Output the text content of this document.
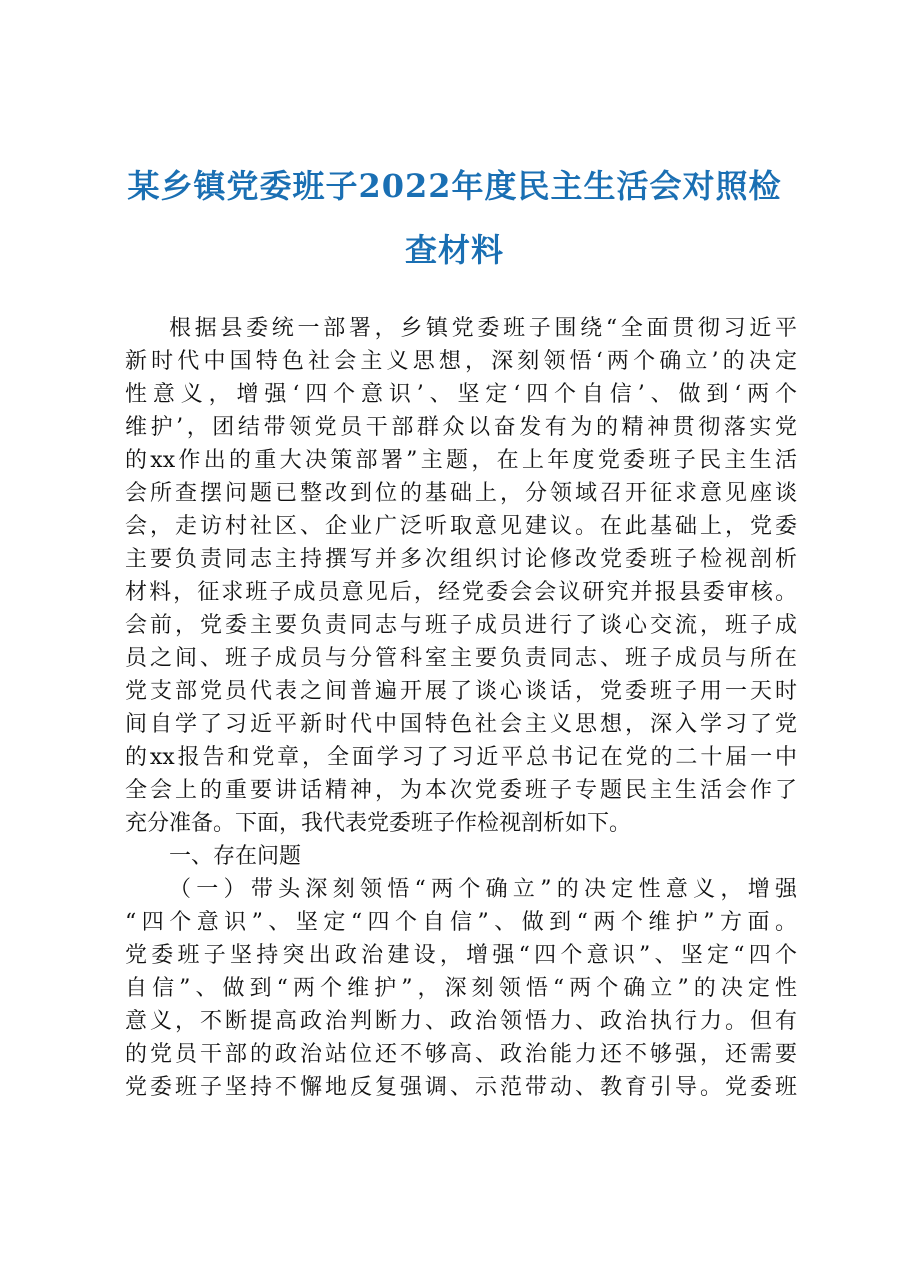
某乡镇党委班子2022年度民主生活会对照检
查材料
根据县委统一部署，乡镇党委班子围绕“全面贯彻习近平
新时代中国特色社会主义思想，深刻领悟‘两个确立’的决定
性意义，增强‘四个意识’、坚定‘四个自信’、做到‘两个
维护’，团结带领党员干部群众以奋发有为的精神贯彻落实党
的xx作出的重大决策部署”主题，在上年度党委班子民主生活
会所查摆问题已整改到位的基础上，分领域召开征求意见座谈
会，走访村社区、企业广泛听取意见建议。在此基础上，党委
主要负责同志主持撰写并多次组织讨论修改党委班子检视剖析
材料，征求班子成员意见后，经党委会会议研究并报县委审核。
会前，党委主要负责同志与班子成员进行了谈心交流，班子成
员之间、班子成员与分管科室主要负责同志、班子成员与所在
党支部党员代表之间普遍开展了谈心谈话，党委班子用一天时
间自学了习近平新时代中国特色社会主义思想，深入学习了党
的xx报告和党章，全面学习了习近平总书记在党的二十届一中
全会上的重要讲话精神，为本次党委班子专题民主生活会作了
充分准备。下面，我代表党委班子作检视剖析如下。
一、存在问题
（一）带头深刻领悟“两个确立”的决定性意义，增强
“四个意识”、坚定“四个自信”、做到“两个维护”方面。
党委班子坚持突出政治建设，增强“四个意识”、坚定“四个
自信”、做到“两个维护”，深刻领悟“两个确立”的决定性
意义，不断提高政治判断力、政治领悟力、政治执行力。但有
的党员干部的政治站位还不够高、政治能力还不够强，还需要
党委班子坚持不懈地反复强调、示范带动、教育引导。党委班
